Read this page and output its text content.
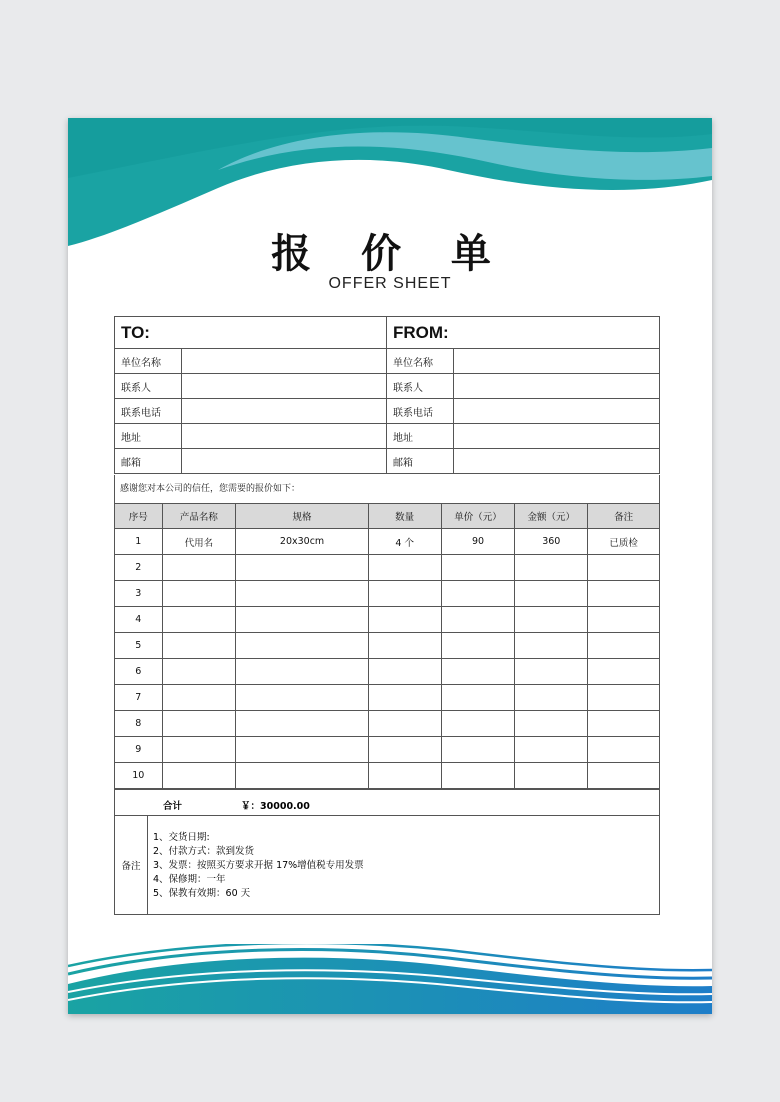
报 价 单
OFFER SHEET
TO:		FROM:	
单位名称		单位名称	
联系人		联系人	
联系电话		联系电话	
地址		地址	
邮箱		邮箱	
感谢您对本公司的信任，您需要的报价如下：
序号	产品名称	规格	数量	单价（元）	金额（元）	备注
1	代用名	20x30cm	4 个	90	360	已质检
2						
3						
4						
5						
6						
7						
8						
9						
10						
合计	￥：30000.00
备注
1、交货日期:
2、付款方式：款到发货
3、发票：按照买方要求开据 17%增值税专用发票
4、保修期：一年
5、保教有效期：60 天
